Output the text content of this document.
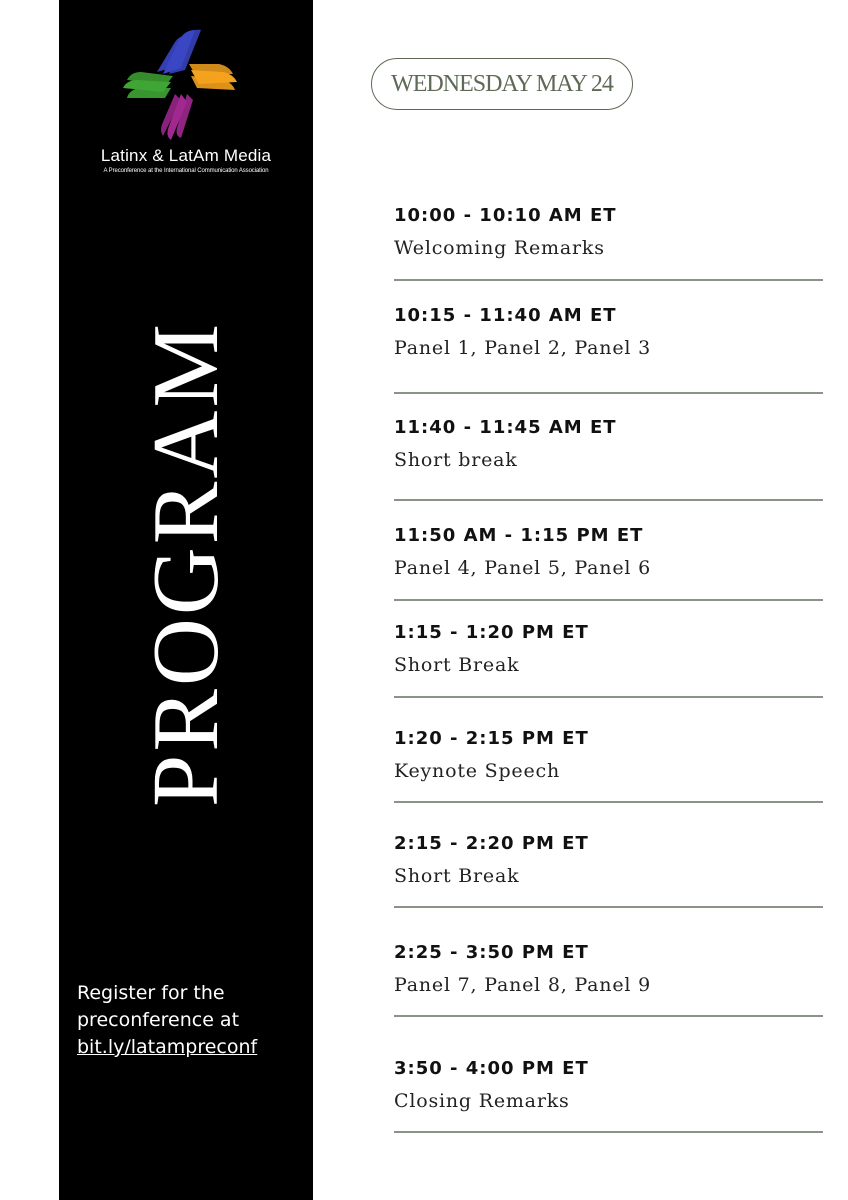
Latinx & LatAm Media
A Preconference at the International Communication Association
PROGRAM
Register for the
preconference at
bit.ly/latampreconf
WEDNESDAY MAY 24
10:00 - 10:10 AM ET
Welcoming Remarks
10:15 - 11:40 AM ET
Panel 1, Panel 2, Panel 3
11:40 - 11:45 AM ET
Short break
11:50 AM - 1:15 PM ET
Panel 4, Panel 5, Panel 6
1:15 - 1:20 PM ET
Short Break
1:20 - 2:15 PM ET
Keynote Speech
2:15 - 2:20 PM ET
Short Break
2:25 - 3:50 PM ET
Panel 7, Panel 8, Panel 9
3:50 - 4:00 PM ET
Closing Remarks
